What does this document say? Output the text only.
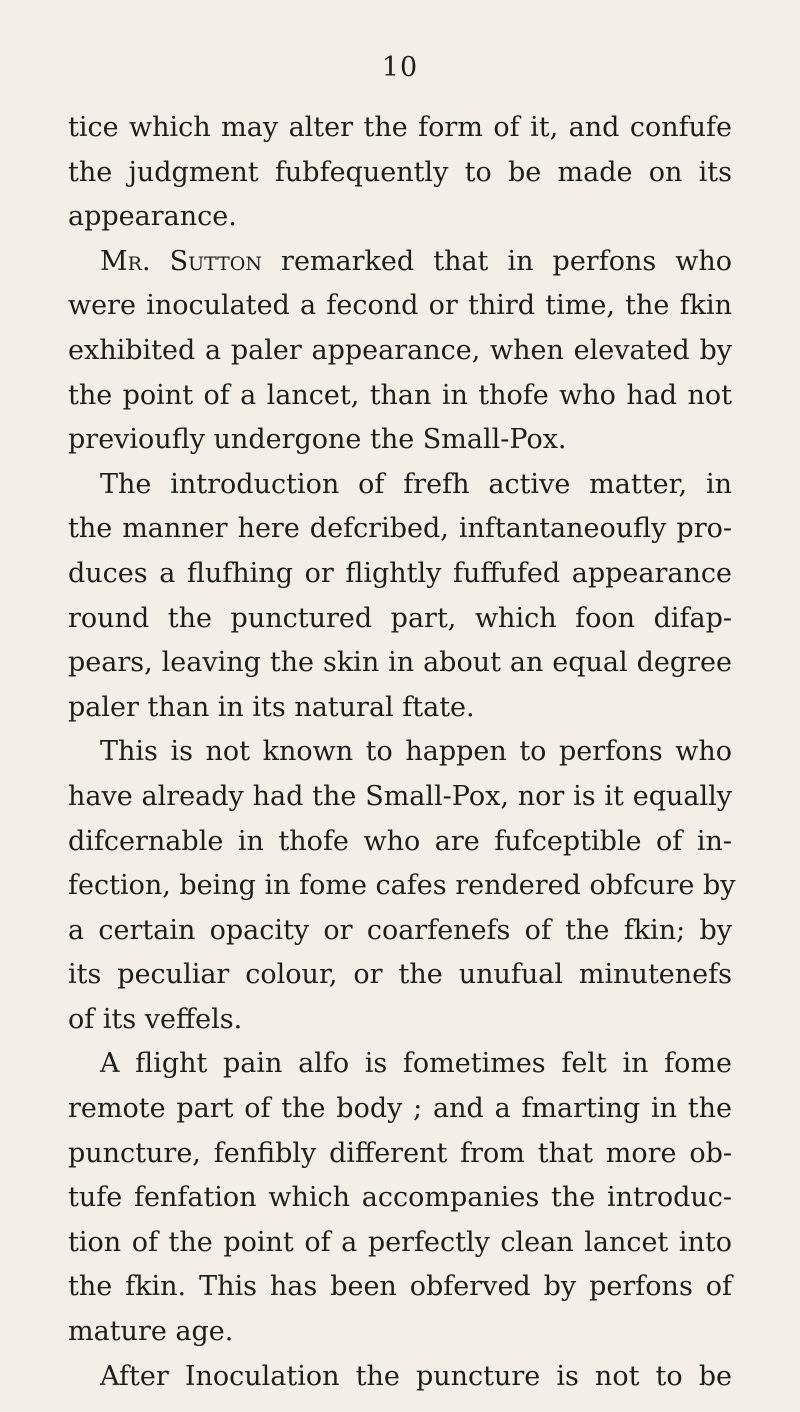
10
tice which may alter the form of it, and confufe
the judgment fubfequently to be made on its
appearance.
Mr. Sutton remarked that in perfons who
were inoculated a fecond or third time, the fkin
exhibited a paler appearance, when elevated by
the point of a lancet, than in thofe who had not
previoufly undergone the Small-Pox.
The introduction of frefh active matter, in
the manner here defcribed, inftantaneoufly pro-
duces a flufhing or flightly fuffufed appearance
round the punctured part, which foon difap-
pears, leaving the skin in about an equal degree
paler than in its natural ftate.
This is not known to happen to perfons who
have already had the Small-Pox, nor is it equally
difcernable in thofe who are fufceptible of in-
fection, being in fome cafes rendered obfcure by
a certain opacity or coarfenefs of the fkin; by
its peculiar colour, or the unufual minutenefs
of its veffels.
A flight pain alfo is fometimes felt in fome
remote part of the body ; and a fmarting in the
puncture, fenfibly different from that more ob-
tufe fenfation which accompanies the introduc-
tion of the point of a perfectly clean lancet into
the fkin. This has been obferved by perfons of
mature age.
After Inoculation the puncture is not to be
